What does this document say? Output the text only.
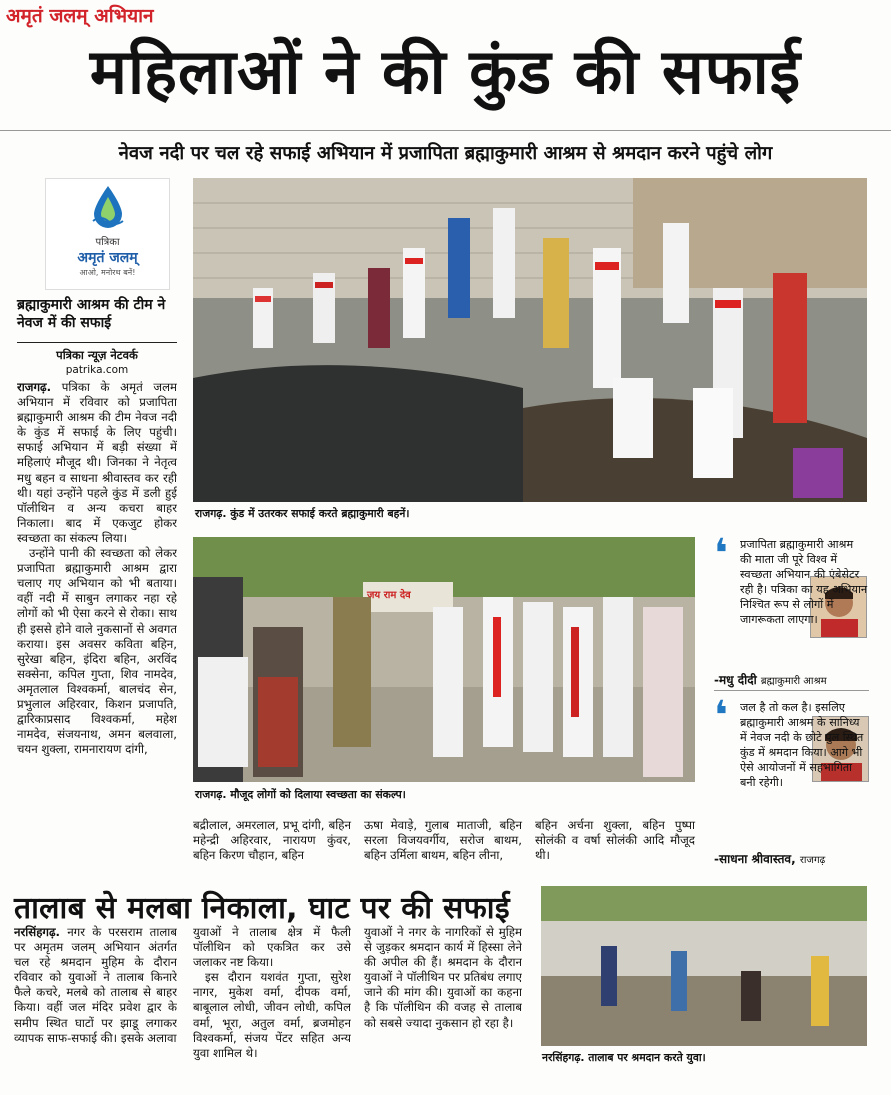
अमृतं जलम् अभियान
महिलाओं ने की कुंड की सफाई
नेवज नदी पर चल रहे सफाई अभियान में प्रजापिता ब्रह्माकुमारी आश्रम से श्रमदान करने पहुंचे लोग
पत्रिका
अमृतं जलम्
आओ, मनोरथ बनें!
ब्रह्माकुमारी आश्रम की टीम ने नेवज में की सफाई
पत्रिका न्यूज़ नेटवर्क
patrika.com

राजगढ़. पत्रिका के अमृतं जलम अभियान में रविवार को प्रजापिता ब्रह्माकुमारी आश्रम की टीम नेवज नदी के कुंड में सफाई के लिए पहुंची। सफाई अभियान में बड़ी संख्या में महिलाएं मौजूद थी। जिनका ने नेतृत्व मधु बहन व साधना श्रीवास्तव कर रही थी। यहां उन्होंने पहले कुंड में डली हुई पॉलीथिन व अन्य कचरा बाहर निकाला। बाद में एकजुट होकर स्वच्छता का संकल्प लिया।

उन्होंने पानी की स्वच्छता को लेकर प्रजापिता ब्रह्माकुमारी आश्रम द्वारा चलाए गए अभियान को भी बताया। वहीं नदी में साबुन लगाकर नहा रहे लोगों को भी ऐसा करने से रोका। साथ ही इससे होने वाले नुकसानों से अवगत कराया। इस अवसर कविता बहिन, सुरेखा बहिन, इंदिरा बहिन, अरविंद सक्सेना, कपिल गुप्ता, शिव नामदेव, अमृतलाल विश्वकर्मा, बालचंद सेन, प्रभुलाल अहिरवार, किशन प्रजापति, द्वारिकाप्रसाद विश्वकर्मा, महेश नामदेव, संजयनाथ, अमन बलवाला, चयन शुक्ला, रामनारायण दांगी,

राजगढ़. कुंड में उतरकर सफाई करते ब्रह्माकुमारी बहनें।
जय राम देव
राजगढ़. मौजूद लोगों को दिलाया स्वच्छता का संकल्प।
❛ प्रजापिता ब्रह्माकुमारी आश्रम की माता जी पूरे विश्व में स्वच्छता अभियान की एंबेसेटर रही है। पत्रिका का यह अभियान निश्चित रूप से लोगों में जागरूकता लाएगा।
-मधु दीदी ब्रह्माकुमारी आश्रम
❛ जल है तो कल है। इसलिए ब्रह्माकुमारी आश्रम के सानिध्य में नेवज नदी के छोटे पुल स्थित कुंड में श्रमदान किया। आगे भी ऐसे आयोजनों में सहभागिता बनी रहेगी।
-साधना श्रीवास्तव, राजगढ़
बद्रीलाल, अमरलाल, प्रभू दांगी, बहिन महेन्द्री अहिरवार, नारायण कुंवर, बहिन किरण चौहान, बहिन
ऊषा मेवाड़े, गुलाब माताजी, बहिन सरला विजयवर्गीय, सरोज बाथम, बहिन उर्मिला बाथम, बहिन लीना,
बहिन अर्चना शुक्ला, बहिन पुष्पा सोलंकी व वर्षा सोलंकी आदि मौजूद थी।
तालाब से मलबा निकाला, घाट पर की सफाई

नरसिंहगढ़. नगर के परसराम तालाब पर अमृतम जलम् अभियान अंतर्गत चल रहे श्रमदान मुहिम के दौरान रविवार को युवाओं ने तालाब किनारे फैले कचरे, मलबे को तालाब से बाहर किया। वहीं जल मंदिर प्रवेश द्वार के समीप स्थित घाटों पर झाडू लगाकर व्यापक साफ-सफाई की। इसके अलावा

युवाओं ने तालाब क्षेत्र में फैली पॉलीथिन को एकत्रित कर उसे जलाकर नष्ट किया।

इस दौरान यशवंत गुप्ता, सुरेश नागर, मुकेश वर्मा, दीपक वर्मा, बाबूलाल लोधी, जीवन लोधी, कपिल वर्मा, भूरा, अतुल वर्मा, ब्रजमोहन विश्वकर्मा, संजय पेंटर सहित अन्य युवा शामिल थे।

युवाओं ने नगर के नागरिकों से मुहिम से जुड़कर श्रमदान कार्य में हिस्सा लेने की अपील की हैं। श्रमदान के दौरान युवाओं ने पॉलीथिन पर प्रतिबंध लगाए जाने की मांग की। युवाओं का कहना है कि पॉलीथिन की वजह से तालाब को सबसे ज्यादा नुकसान हो रहा है।
नरसिंहगढ़. तालाब पर श्रमदान करते युवा।
